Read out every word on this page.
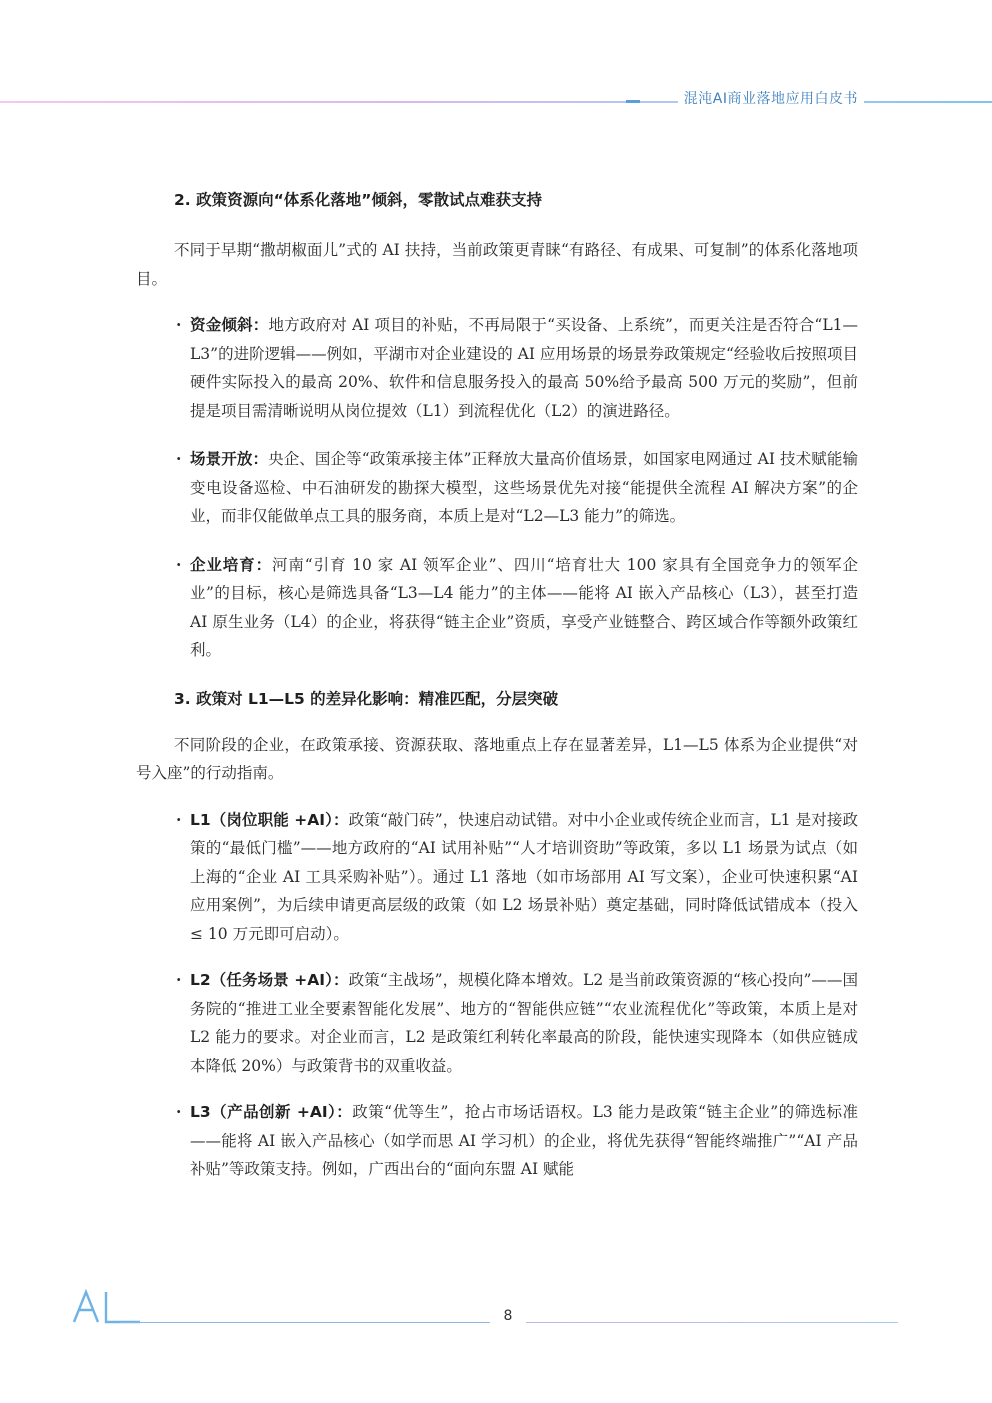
混沌AI商业落地应用白皮书
2. 政策资源向“体系化落地”倾斜，零散试点难获支持

不同于早期“撒胡椒面儿”式的 AI 扶持，当前政策更青睐“有路径、有成果、可复制”的体系化落地项目。

· 资金倾斜：地方政府对 AI 项目的补贴，不再局限于“买设备、上系统”，而更关注是否符合“L1—L3”的进阶逻辑——例如，平湖市对企业建设的 AI 应用场景的场景券政策规定“经验收后按照项目硬件实际投入的最高 20%、软件和信息服务投入的最高 50%给予最高 500 万元的奖励”，但前提是项目需清晰说明从岗位提效（L1）到流程优化（L2）的演进路径。
· 场景开放：央企、国企等“政策承接主体”正释放大量高价值场景，如国家电网通过 AI 技术赋能输变电设备巡检、中石油研发的勘探大模型，这些场景优先对接“能提供全流程 AI 解决方案”的企业，而非仅能做单点工具的服务商，本质上是对“L2—L3 能力”的筛选。
· 企业培育：河南“引育 10 家 AI 领军企业”、四川“培育壮大 100 家具有全国竞争力的领军企业”的目标，核心是筛选具备“L3—L4 能力”的主体——能将 AI 嵌入产品核心（L3），甚至打造 AI 原生业务（L4）的企业，将获得“链主企业”资质，享受产业链整合、跨区域合作等额外政策红利。
3. 政策对 L1—L5 的差异化影响：精准匹配，分层突破

不同阶段的企业，在政策承接、资源获取、落地重点上存在显著差异，L1—L5 体系为企业提供“对号入座”的行动指南。

· L1（岗位职能 +AI）：政策“敲门砖”，快速启动试错。对中小企业或传统企业而言，L1 是对接政策的“最低门槛”——地方政府的“AI 试用补贴”“人才培训资助”等政策，多以 L1 场景为试点（如上海的“企业 AI 工具采购补贴”）。通过 L1 落地（如市场部用 AI 写文案），企业可快速积累“AI 应用案例”，为后续申请更高层级的政策（如 L2 场景补贴）奠定基础，同时降低试错成本（投入≤ 10 万元即可启动）。
· L2（任务场景 +AI）：政策“主战场”，规模化降本增效。L2 是当前政策资源的“核心投向”——国务院的“推进工业全要素智能化发展”、地方的“智能供应链”“农业流程优化”等政策，本质上是对 L2 能力的要求。对企业而言，L2 是政策红利转化率最高的阶段，能快速实现降本（如供应链成本降低 20%）与政策背书的双重收益。
· L3（产品创新 +AI）：政策“优等生”，抢占市场话语权。L3 能力是政策“链主企业”的筛选标准——能将 AI 嵌入产品核心（如学而思 AI 学习机）的企业，将优先获得“智能终端推广”“AI 产品补贴”等政策支持。例如，广西出台的“面向东盟 AI 赋能
AI
8
